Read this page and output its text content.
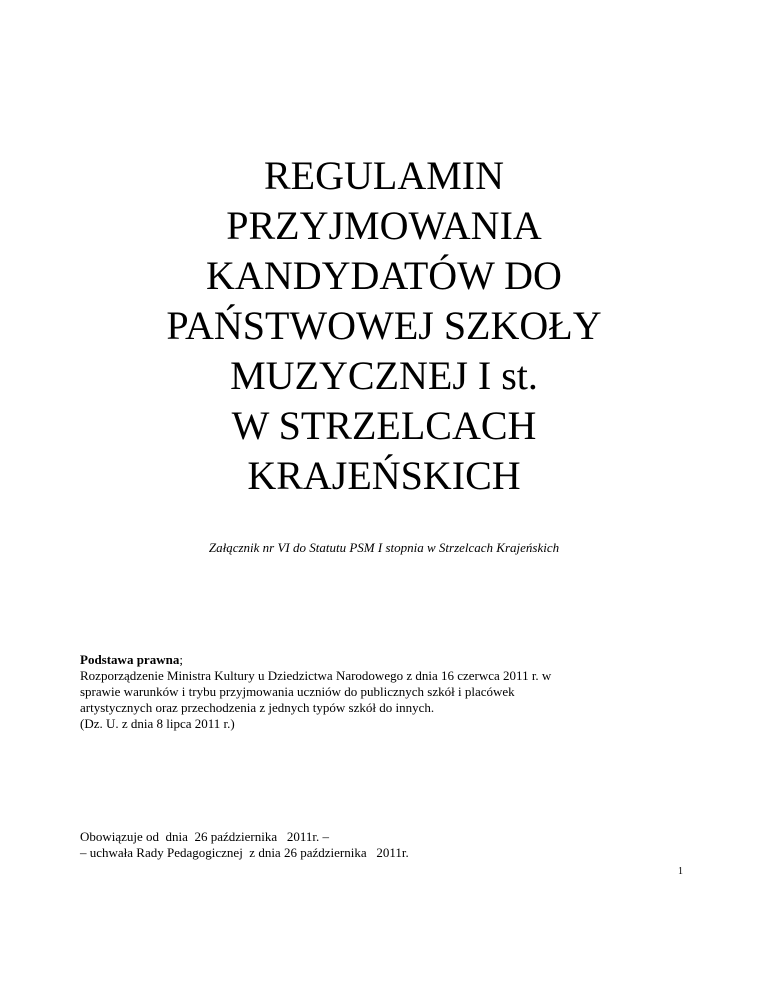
REGULAMIN
PRZYJMOWANIA
KANDYDATÓW DO
PAŃSTWOWEJ SZKOŁY
MUZYCZNEJ I st.
W STRZELCACH
KRAJEŃSKICH
Załącznik nr VI do Statutu PSM I stopnia w Strzelcach Krajeńskich
Podstawa prawna;
Rozporządzenie Ministra Kultury u Dziedzictwa Narodowego z dnia 16 czerwca 2011 r. w
sprawie warunków i trybu przyjmowania uczniów do publicznych szkół i placówek
artystycznych oraz przechodzenia z jednych typów szkół do innych.
(Dz. U. z dnia 8 lipca 2011 r.)
Obowiązuje od  dnia  26 października   2011r. –
– uchwała Rady Pedagogicznej  z dnia 26 października   2011r.
1
